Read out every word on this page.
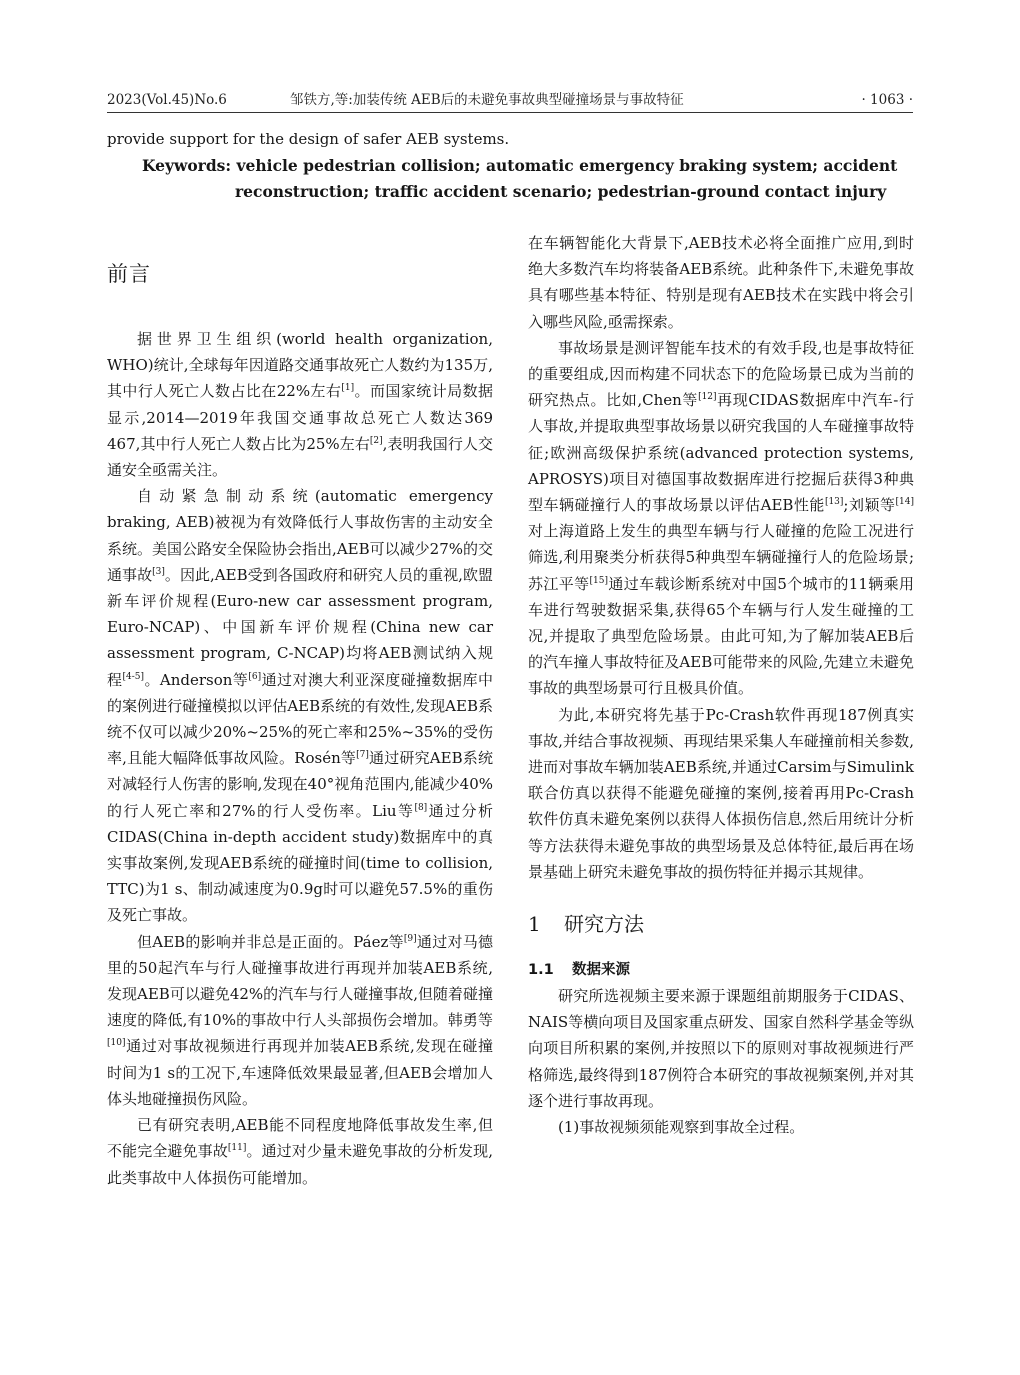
2023(Vol.45)No.6	邹铁方,等:加装传统 AEB后的未避免事故典型碰撞场景与事故特征	· 1063 ·
provide support for the design of safer AEB systems.
Keywords: vehicle pedestrian collision; automatic emergency braking system; accident
reconstruction; traffic accident scenario; pedestrian-ground contact injury
前言

据世界卫生组织(world health organization, WHO)统计,全球每年因道路交通事故死亡人数约为135万,其中行人死亡人数占比在22%左右[1]。而国家统计局数据显示,2014—2019年我国交通事故总死亡人数达369 467,其中行人死亡人数占比为25%左右[2],表明我国行人交通安全亟需关注。

自动紧急制动系统(automatic emergency braking, AEB)被视为有效降低行人事故伤害的主动安全系统。美国公路安全保险协会指出,AEB可以减少27%的交通事故[3]。因此,AEB受到各国政府和研究人员的重视,欧盟新车评价规程(Euro-new car assessment program, Euro-NCAP)、中国新车评价规程(China new car assessment program, C-NCAP)均将AEB测试纳入规程[4-5]。Anderson等[6]通过对澳大利亚深度碰撞数据库中的案例进行碰撞模拟以评估AEB系统的有效性,发现AEB系统不仅可以减少20%~25%的死亡率和25%~35%的受伤率,且能大幅降低事故风险。Rosén等[7]通过研究AEB系统对减轻行人伤害的影响,发现在40°视角范围内,能减少40%的行人死亡率和27%的行人受伤率。Liu等[8]通过分析CIDAS(China in-depth accident study)数据库中的真实事故案例,发现AEB系统的碰撞时间(time to collision, TTC)为1 s、制动减速度为0.9g时可以避免57.5%的重伤及死亡事故。

但AEB的影响并非总是正面的。Páez等[9]通过对马德里的50起汽车与行人碰撞事故进行再现并加装AEB系统,发现AEB可以避免42%的汽车与行人碰撞事故,但随着碰撞速度的降低,有10%的事故中行人头部损伤会增加。韩勇等[10]通过对事故视频进行再现并加装AEB系统,发现在碰撞时间为1 s的工况下,车速降低效果最显著,但AEB会增加人体头地碰撞损伤风险。

已有研究表明,AEB能不同程度地降低事故发生率,但不能完全避免事故[11]。通过对少量未避免事故的分析发现,此类事故中人体损伤可能增加。

在车辆智能化大背景下,AEB技术必将全面推广应用,到时绝大多数汽车均将装备AEB系统。此种条件下,未避免事故具有哪些基本特征、特别是现有AEB技术在实践中将会引入哪些风险,亟需探索。

事故场景是测评智能车技术的有效手段,也是事故特征的重要组成,因而构建不同状态下的危险场景已成为当前的研究热点。比如,Chen等[12]再现CIDAS数据库中汽车-行人事故,并提取典型事故场景以研究我国的人车碰撞事故特征;欧洲高级保护系统(advanced protection systems, APROSYS)项目对德国事故数据库进行挖掘后获得3种典型车辆碰撞行人的事故场景以评估AEB性能[13];刘颖等[14]对上海道路上发生的典型车辆与行人碰撞的危险工况进行筛选,利用聚类分析获得5种典型车辆碰撞行人的危险场景;苏江平等[15]通过车载诊断系统对中国5个城市的11辆乘用车进行驾驶数据采集,获得65个车辆与行人发生碰撞的工况,并提取了典型危险场景。由此可知,为了解加装AEB后的汽车撞人事故特征及AEB可能带来的风险,先建立未避免事故的典型场景可行且极具价值。

为此,本研究将先基于Pc-Crash软件再现187例真实事故,并结合事故视频、再现结果采集人车碰撞前相关参数,进而对事故车辆加装AEB系统,并通过Carsim与Simulink联合仿真以获得不能避免碰撞的案例,接着再用Pc-Crash软件仿真未避免案例以获得人体损伤信息,然后用统计分析等方法获得未避免事故的典型场景及总体特征,最后再在场景基础上研究未避免事故的损伤特征并揭示其规律。

1 研究方法
1.1 数据来源

研究所选视频主要来源于课题组前期服务于CIDAS、NAIS等横向项目及国家重点研发、国家自然科学基金等纵向项目所积累的案例,并按照以下的原则对事故视频进行严格筛选,最终得到187例符合本研究的事故视频案例,并对其逐个进行事故再现。

(1)事故视频须能观察到事故全过程。
